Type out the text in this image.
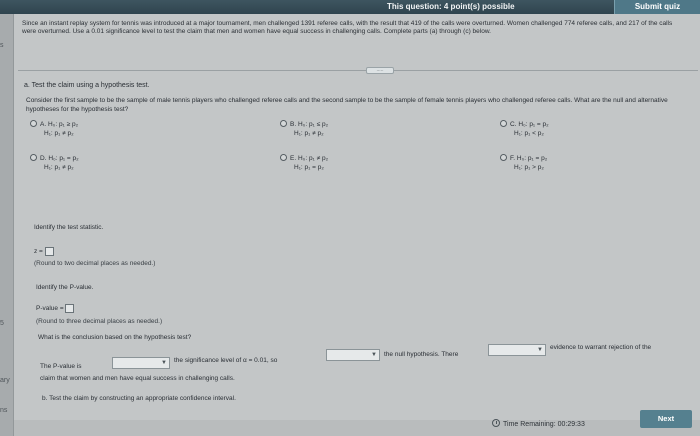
This question: 4 point(s) possible	Submit quiz
s
5
ary
ns
Since an instant replay system for tennis was introduced at a major tournament, men challenged 1391 referee calls, with the result that 419 of the calls were overturned. Women challenged 774 referee calls, and 217 of the calls were overturned. Use a 0.01 significance level to test the claim that men and women have equal success in challenging calls. Complete parts (a) through (c) below.
.....
a. Test the claim using a hypothesis test.
Consider the first sample to be the sample of male tennis players who challenged referee calls and the second sample to be the sample of female tennis players who challenged referee calls. What are the null and alternative hypotheses for the hypothesis test?
A. H₀: p₁ ≥ p₂
H₁: p₁ ≠ p₂
B. H₀: p₁ ≤ p₂
H₁: p₁ ≠ p₂
C. H₀: p₁ = p₂
H₁: p₁ < p₂
D. H₀: p₁ = p₂
H₁: p₁ ≠ p₂
E. H₀: p₁ ≠ p₂
H₁: p₁ = p₂
F. H₀: p₁ = p₂
H₁: p₁ > p₂
Identify the test statistic.
z =
(Round to two decimal places as needed.)
Identify the P-value.
P-value =
(Round to three decimal places as needed.)
What is the conclusion based on the hypothesis test?
The P-value is	▼ the significance level of α = 0.01, so
▼ the null hypothesis. There
▼ evidence to warrant rejection of the
claim that women and men have equal success in challenging calls.
b. Test the claim by constructing an appropriate confidence interval.
Time Remaining: 00:29:33
Next
